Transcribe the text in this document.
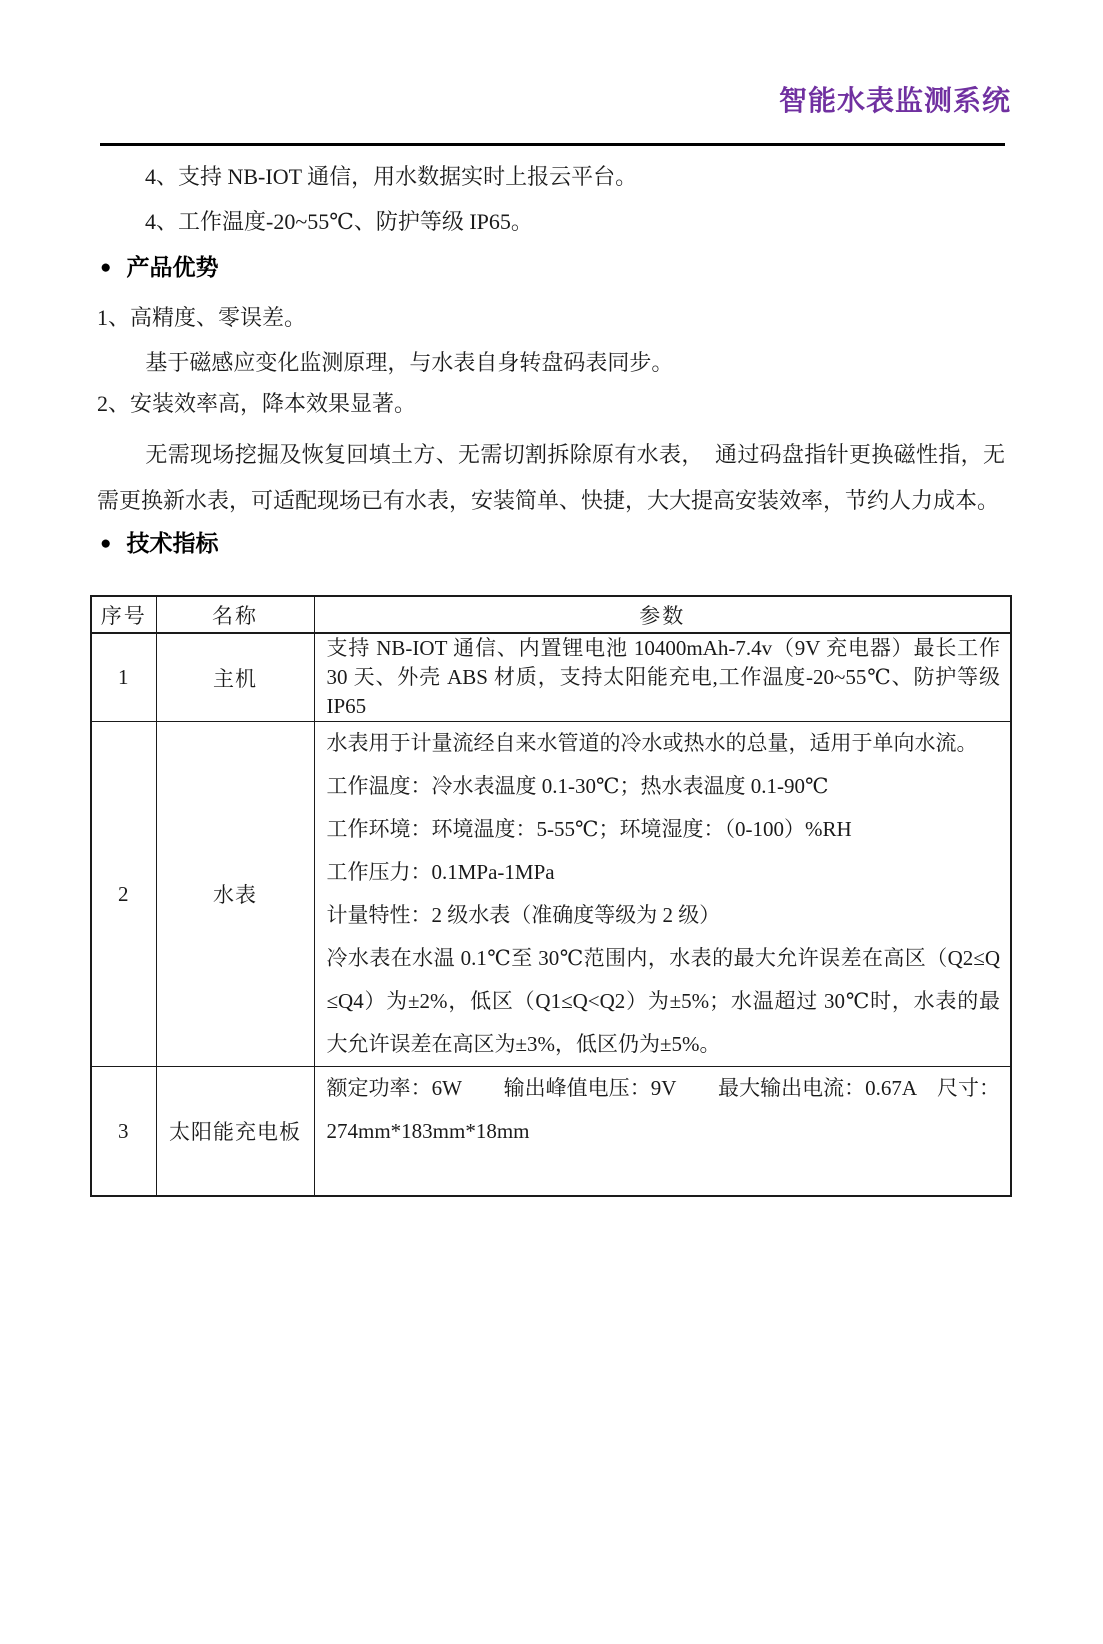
智能水表监测系统

4、支持 NB-IOT 通信，用水数据实时上报云平台。

4、工作温度-20~55℃、防护等级 IP65。

● 产品优势

1、高精度、零误差。

基于磁感应变化监测原理，与水表自身转盘码表同步。

2、安装效率高，降本效果显著。

无需现场挖掘及恢复回填土方、无需切割拆除原有水表，　通过码盘指针更换磁性指，无需更换新水表，可适配现场已有水表，安装简单、快捷，大大提高安装效率，节约人力成本。

● 技术指标
序号	名称	参数
1	主机	支持 NB-IOT 通信、内置锂电池 10400mAh-7.4v（9V 充电器）最长工作 30 天、外壳 ABS 材质，支持太阳能充电,工作温度-20~55℃、防护等级 IP65

2	水表	

水表用于计量流经自来水管道的冷水或热水的总量，适用于单向水流。

工作温度：冷水表温度 0.1-30℃；热水表温度 0.1-90℃

工作环境：环境温度：5-55℃；环境湿度：（0-100）%RH

工作压力：0.1MPa-1MPa

计量特性：2 级水表（准确度等级为 2 级）

冷水表在水温 0.1℃至 30℃范围内，水表的最大允许误差在高区（Q2≤Q ≤Q4）为±2%，低区（Q1≤Q<Q2）为±5%；水温超过 30℃时，水表的最大允许误差在高区为±3%，低区仍为±5%。

3	太阳能充电板	额定功率：6W　　输出峰值电压：9V　　最大输出电流：0.67A　尺寸：274mm*183mm*18mm
